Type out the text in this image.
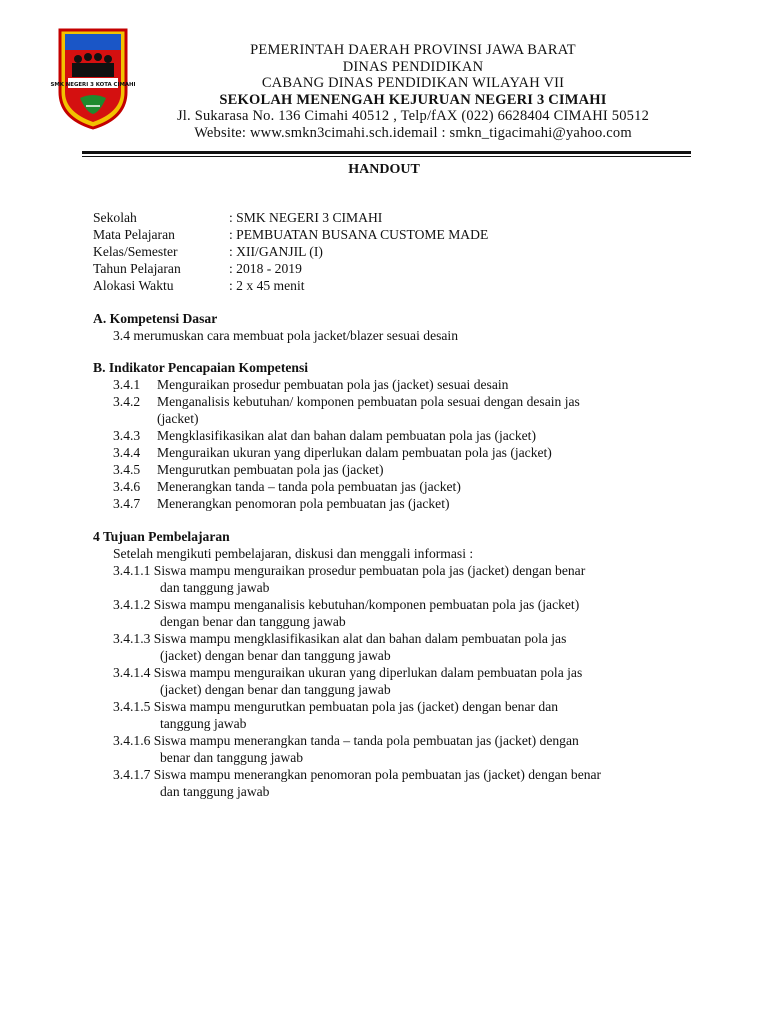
SMK NEGERI 3 KOTA CIMAHI
PEMERINTAH DAERAH PROVINSI JAWA BARAT
DINAS PENDIDIKAN
CABANG DINAS PENDIDIKAN WILAYAH VII
SEKOLAH MENENGAH KEJURUAN NEGERI 3 CIMAHI
Jl. Sukarasa No. 136 Cimahi 40512 , Telp/fAX (022) 6628404 CIMAHI 50512
Website: www.smkn3cimahi.sch.idemail : smkn_tigacimahi@yahoo.com
HANDOUT
Sekolah	: SMK NEGERI 3 CIMAHI
Mata Pelajaran	: PEMBUATAN BUSANA CUSTOME MADE
Kelas/Semester	: XII/GANJIL (I)
Tahun Pelajaran	: 2018 - 2019
Alokasi Waktu	: 2 x 45 menit
A. Kompetensi Dasar
3.4 merumuskan cara membuat pola jacket/blazer sesuai desain
B. Indikator Pencapaian Kompetensi
3.4.1 Menguraikan prosedur pembuatan pola jas (jacket) sesuai desain
3.4.2 Menganalisis kebutuhan/ komponen pembuatan pola sesuai dengan desain jas
(jacket)
3.4.3 Mengklasifikasikan alat dan bahan dalam pembuatan pola jas (jacket)
3.4.4 Menguraikan ukuran yang diperlukan dalam pembuatan pola jas (jacket)
3.4.5 Mengurutkan pembuatan pola jas (jacket)
3.4.6 Menerangkan tanda – tanda pola pembuatan jas (jacket)
3.4.7 Menerangkan penomoran pola pembuatan jas (jacket)
4 Tujuan Pembelajaran
Setelah mengikuti pembelajaran, diskusi dan menggali informasi :
3.4.1.1 Siswa mampu menguraikan prosedur pembuatan pola jas (jacket) dengan benar
dan tanggung jawab
3.4.1.2 Siswa mampu menganalisis kebutuhan/komponen pembuatan pola jas (jacket)
dengan benar dan tanggung jawab
3.4.1.3 Siswa mampu mengklasifikasikan alat dan bahan dalam pembuatan pola jas
(jacket) dengan benar dan tanggung jawab
3.4.1.4 Siswa mampu menguraikan ukuran yang diperlukan dalam pembuatan pola jas
(jacket) dengan benar dan tanggung jawab
3.4.1.5 Siswa mampu mengurutkan pembuatan pola jas (jacket) dengan benar dan
tanggung jawab
3.4.1.6 Siswa mampu menerangkan tanda – tanda pola pembuatan jas (jacket) dengan
benar dan tanggung jawab
3.4.1.7 Siswa mampu menerangkan penomoran pola pembuatan jas (jacket) dengan benar
dan tanggung jawab
